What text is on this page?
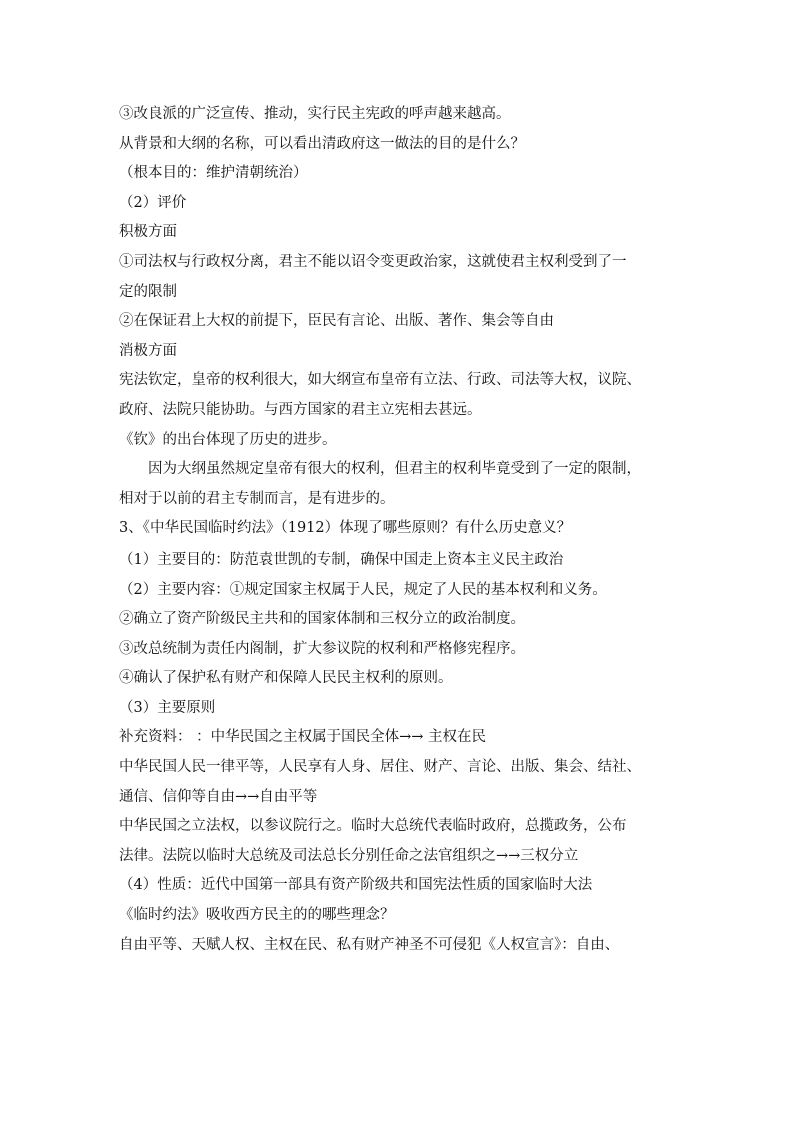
③改良派的广泛宣传、推动，实行民主宪政的呼声越来越高。
从背景和大纲的名称，可以看出清政府这一做法的目的是什么？
（根本目的：维护清朝统治）
（2）评价
积极方面
①司法权与行政权分离，君主不能以诏令变更政治家，这就使君主权利受到了一
定的限制
②在保证君上大权的前提下，臣民有言论、出版、著作、集会等自由
消极方面
宪法钦定，皇帝的权利很大，如大纲宣布皇帝有立法、行政、司法等大权，议院、
政府、法院只能协助。与西方国家的君主立宪相去甚远。
《钦》的出台体现了历史的进步。
因为大纲虽然规定皇帝有很大的权利，但君主的权利毕竟受到了一定的限制，
相对于以前的君主专制而言，是有进步的。
3、《中华民国临时约法》（1912）体现了哪些原则？有什么历史意义？
（1）主要目的：防范袁世凯的专制，确保中国走上资本主义民主政治
（2）主要内容：①规定国家主权属于人民，规定了人民的基本权利和义务。
②确立了资产阶级民主共和的国家体制和三权分立的政治制度。
③改总统制为责任内阁制，扩大参议院的权利和严格修宪程序。
④确认了保护私有财产和保障人民民主权利的原则。
（3）主要原则
补充资料： ：中华民国之主权属于国民全体→→ 主权在民
中华民国人民一律平等，人民享有人身、居住、财产、言论、出版、集会、结社、
通信、信仰等自由→→自由平等
中华民国之立法权，以参议院行之。临时大总统代表临时政府，总揽政务，公布
法律。法院以临时大总统及司法总长分别任命之法官组织之→→三权分立
（4）性质：近代中国第一部具有资产阶级共和国宪法性质的国家临时大法
《临时约法》吸收西方民主的的哪些理念？
自由平等、天赋人权、主权在民、私有财产神圣不可侵犯《人权宣言》：自由、
